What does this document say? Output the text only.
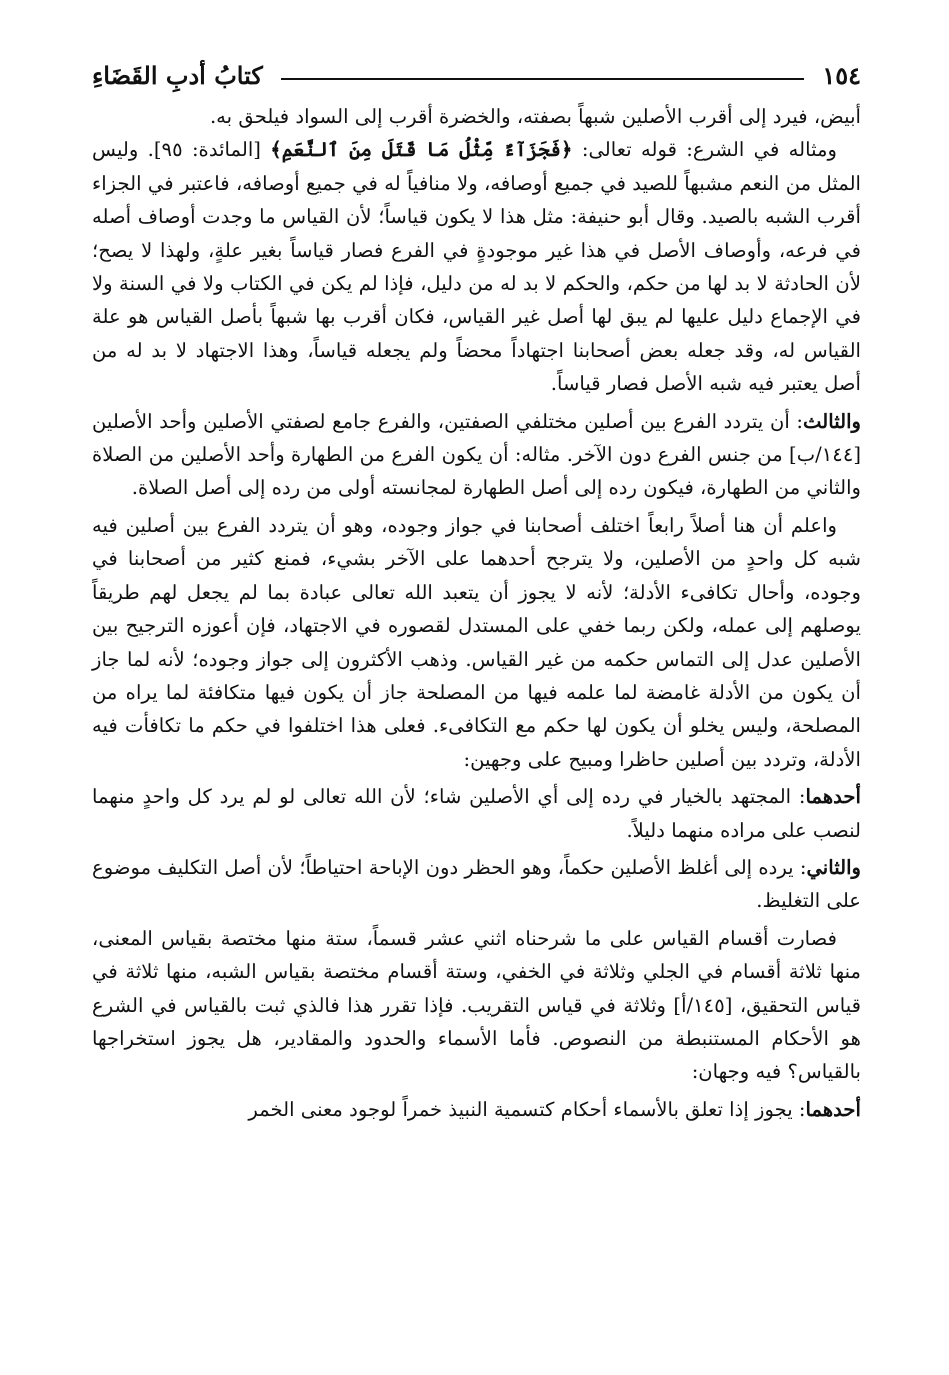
١٥٤
كتابُ أدبِ القَضَاءِ

أبيض، فيرد إلى أقرب الأصلين شبهاً بصفته، والخضرة أقرب إلى السواد فيلحق به.

ومثاله في الشرع: قوله تعالى: ﴿فَجَزَآءٌ مِّثْلُ مَا قَتَلَ مِنَ ٱلنَّعَمِ﴾ [المائدة: ٩٥]. وليس المثل من النعم مشبهاً للصيد في جميع أوصافه، ولا منافياً له في جميع أوصافه، فاعتبر في الجزاء أقرب الشبه بالصيد. وقال أبو حنيفة: مثل هذا لا يكون قياساً؛ لأن القياس ما وجدت أوصاف أصله في فرعه، وأوصاف الأصل في هذا غير موجودةٍ في الفرع فصار قياساً بغير علةٍ، ولهذا لا يصح؛ لأن الحادثة لا بد لها من حكم، والحكم لا بد له من دليل، فإذا لم يكن في الكتاب ولا في السنة ولا في الإجماع دليل عليها لم يبق لها أصل غير القياس، فكان أقرب بها شبهاً بأصل القياس هو علة القياس له، وقد جعله بعض أصحابنا اجتهاداً محضاً ولم يجعله قياساً، وهذا الاجتهاد لا بد له من أصل يعتبر فيه شبه الأصل فصار قياساً.

والثالث: أن يتردد الفرع بين أصلين مختلفي الصفتين، والفرع جامع لصفتي الأصلين وأحد الأصلين [١٤٤/ب] من جنس الفرع دون الآخر. مثاله: أن يكون الفرع من الطهارة وأحد الأصلين من الصلاة والثاني من الطهارة، فيكون رده إلى أصل الطهارة لمجانسته أولى من رده إلى أصل الصلاة.

واعلم أن هنا أصلاً رابعاً اختلف أصحابنا في جواز وجوده، وهو أن يتردد الفرع بين أصلين فيه شبه كل واحدٍ من الأصلين، ولا يترجح أحدهما على الآخر بشيء، فمنع كثير من أصحابنا في وجوده، وأحال تكافىء الأدلة؛ لأنه لا يجوز أن يتعبد الله تعالى عبادة بما لم يجعل لهم طريقاً يوصلهم إلى عمله، ولكن ربما خفي على المستدل لقصوره في الاجتهاد، فإن أعوزه الترجيح بين الأصلين عدل إلى التماس حكمه من غير القياس. وذهب الأكثرون إلى جواز وجوده؛ لأنه لما جاز أن يكون من الأدلة غامضة لما علمه فيها من المصلحة جاز أن يكون فيها متكافئة لما يراه من المصلحة، وليس يخلو أن يكون لها حكم مع التكافىء. فعلى هذا اختلفوا في حكم ما تكافأت فيه الأدلة، وتردد بين أصلين حاظرا ومبيح على وجهين:

أحدهما: المجتهد بالخيار في رده إلى أي الأصلين شاء؛ لأن الله تعالى لو لم يرد كل واحدٍ منهما لنصب على مراده منهما دليلاً.

والثاني: يرده إلى أغلظ الأصلين حكماً، وهو الحظر دون الإباحة احتياطاً؛ لأن أصل التكليف موضوع على التغليظ.

فصارت أقسام القياس على ما شرحناه اثني عشر قسماً، ستة منها مختصة بقياس المعنى، منها ثلاثة أقسام في الجلي وثلاثة في الخفي، وستة أقسام مختصة بقياس الشبه، منها ثلاثة في قياس التحقيق، [١٤٥/أ] وثلاثة في قياس التقريب. فإذا تقرر هذا فالذي ثبت بالقياس في الشرع هو الأحكام المستنبطة من النصوص. فأما الأسماء والحدود والمقادير، هل يجوز استخراجها بالقياس؟ فيه وجهان:

أحدهما: يجوز إذا تعلق بالأسماء أحكام كتسمية النبيذ خمراً لوجود معنى الخمر
